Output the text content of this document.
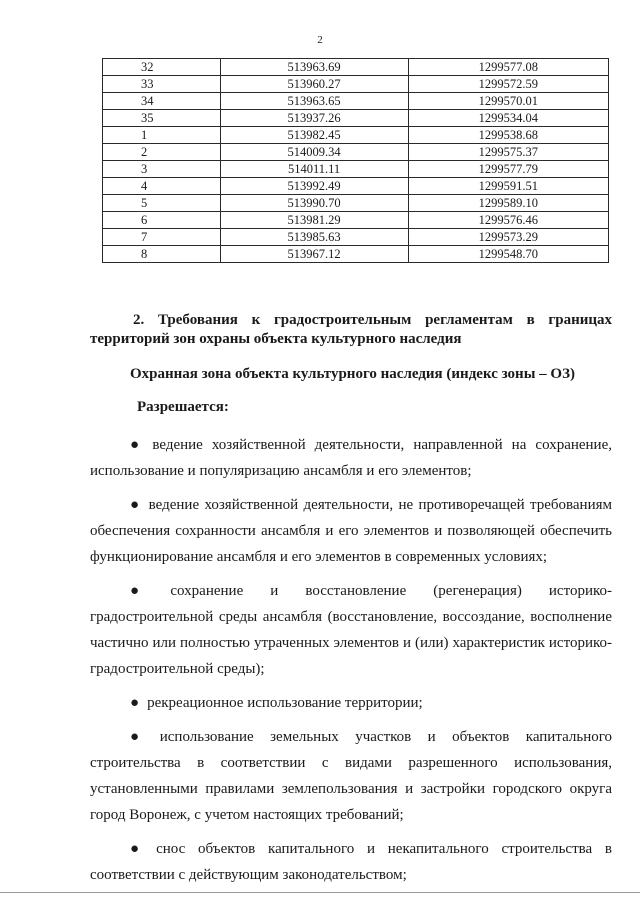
2
32	513963.69	1299577.08
33	513960.27	1299572.59
34	513963.65	1299570.01
35	513937.26	1299534.04
1	513982.45	1299538.68
2	514009.34	1299575.37
3	514011.11	1299577.79
4	513992.49	1299591.51
5	513990.70	1299589.10
6	513981.29	1299576.46
7	513985.63	1299573.29
8	513967.12	1299548.70
2. Требования к градостроительным регламентам в границах территорий зон охраны объекта культурного наследия
Охранная зона объекта культурного наследия (индекс зоны – ОЗ)
Разрешается:
● ведение хозяйственной деятельности, направленной на сохранение, использование и популяризацию ансамбля и его элементов;
● ведение хозяйственной деятельности, не противоречащей требованиям обеспечения сохранности ансамбля и его элементов и позволяющей обеспечить функционирование ансамбля и его элементов в современных условиях;
● сохранение и восстановление (регенерация) историко-градостроительной среды ансамбля (восстановление, воссоздание, восполнение частично или полностью утраченных элементов и (или) характеристик историко-градостроительной среды);
● рекреационное использование территории;
● использование земельных участков и объектов капитального строительства в соответствии с видами разрешенного использования, установленными правилами землепользования и застройки городского округа город Воронеж, с учетом настоящих требований;
● снос объектов капитального и некапитального строительства в соответствии с действующим законодательством;
